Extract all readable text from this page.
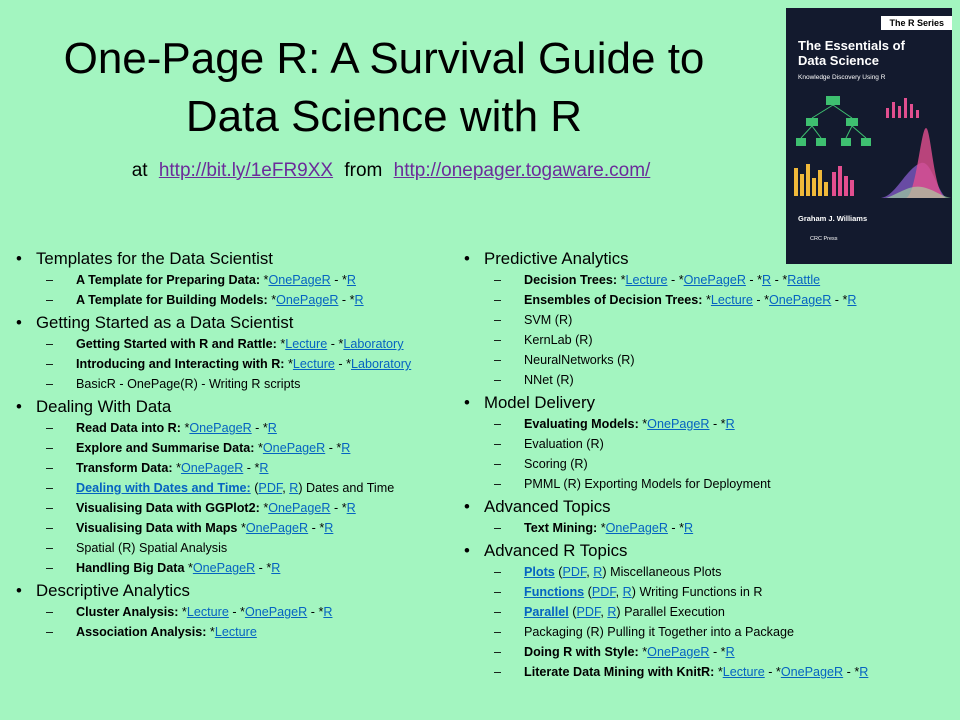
One-Page R: A Survival Guide to
Data Science with R
at http://bit.ly/1eFR9XX from http://onepager.togaware.com/
The R Series
The Essentials of
Data Science
Knowledge Discovery Using R
Graham J. Williams
CRC Press
• Templates for the Data Scientist
– A Template for Preparing Data: *OnePageR - *R
– A Template for Building Models: *OnePageR - *R
• Getting Started as a Data Scientist
– Getting Started with R and Rattle: *Lecture - *Laboratory
– Introducing and Interacting with R: *Lecture - *Laboratory
– BasicR - OnePage(R) - Writing R scripts
• Dealing With Data
– Read Data into R: *OnePageR - *R
– Explore and Summarise Data: *OnePageR - *R
– Transform Data: *OnePageR - *R
– Dealing with Dates and Time: (PDF, R) Dates and Time
– Visualising Data with GGPlot2: *OnePageR - *R
– Visualising Data with Maps *OnePageR - *R
– Spatial (R) Spatial Analysis
– Handling Big Data *OnePageR - *R
• Descriptive Analytics
– Cluster Analysis: *Lecture - *OnePageR - *R
– Association Analysis: *Lecture
• Predictive Analytics
– Decision Trees: *Lecture - *OnePageR - *R - *Rattle
– Ensembles of Decision Trees: *Lecture - *OnePageR - *R
– SVM (R)
– KernLab (R)
– NeuralNetworks (R)
– NNet (R)
• Model Delivery
– Evaluating Models: *OnePageR - *R
– Evaluation (R)
– Scoring (R)
– PMML (R) Exporting Models for Deployment
• Advanced Topics
– Text Mining: *OnePageR - *R
• Advanced R Topics
– Plots (PDF, R) Miscellaneous Plots
– Functions (PDF, R) Writing Functions in R
– Parallel (PDF, R) Parallel Execution
– Packaging (R) Pulling it Together into a Package
– Doing R with Style: *OnePageR - *R
– Literate Data Mining with KnitR: *Lecture - *OnePageR - *R
